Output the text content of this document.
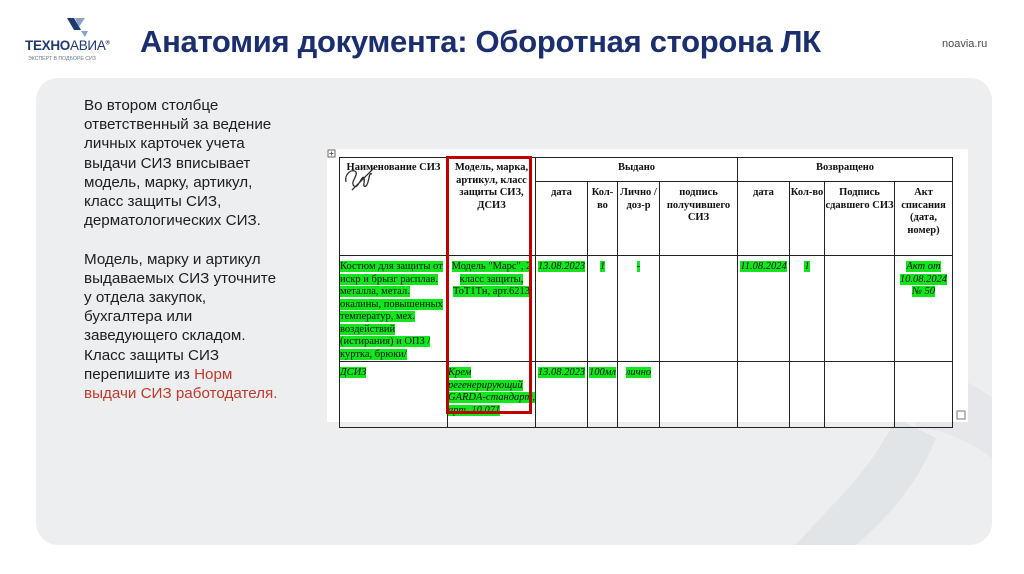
ТЕХНОАВИА®
ЭКСПЕРТ В ПОДБОРЕ СИЗ
noavia.ru
Анатомия документа: Оборотная сторона ЛК

Во втором столбце ответственный за ведение личных карточек учета выдачи СИЗ вписывает модель, марку, артикул, класс защиты СИЗ, дерматологических СИЗ.

Модель, марку и артикул выдаваемых СИЗ уточните у отдела закупок, бухгалтера или заведующего складом.

Класс защиты СИЗ перепишите из Норм выдачи СИЗ работодателя.

Наименование СИЗ	Модель, марка, артикул, класс защиты СИЗ, ДСИЗ	Выдано				Возвращено			
		дата	Кол-во	Лично /доз-р	подпись получившего СИЗ	дата	Кол-во	Подпись сдавшего СИЗ	Акт списания (дата, номер)
Костюм для защиты от искр и брызг расплав. металла, метал. окалины, повышенных температур, мех. воздействий (истирания) и ОПЗ /куртка, брюки/	Модель "Марс", 2 класс защиты, ТоТ1Тн, арт.6213	13.08.2023	1	-		11.08.2024	1		Акт от 10.08.2024 № 50
ДСИЗ	Крем регенерирующий GARDA-стандарт, арт. 10.071	13.08.2023	100мл	лично	
